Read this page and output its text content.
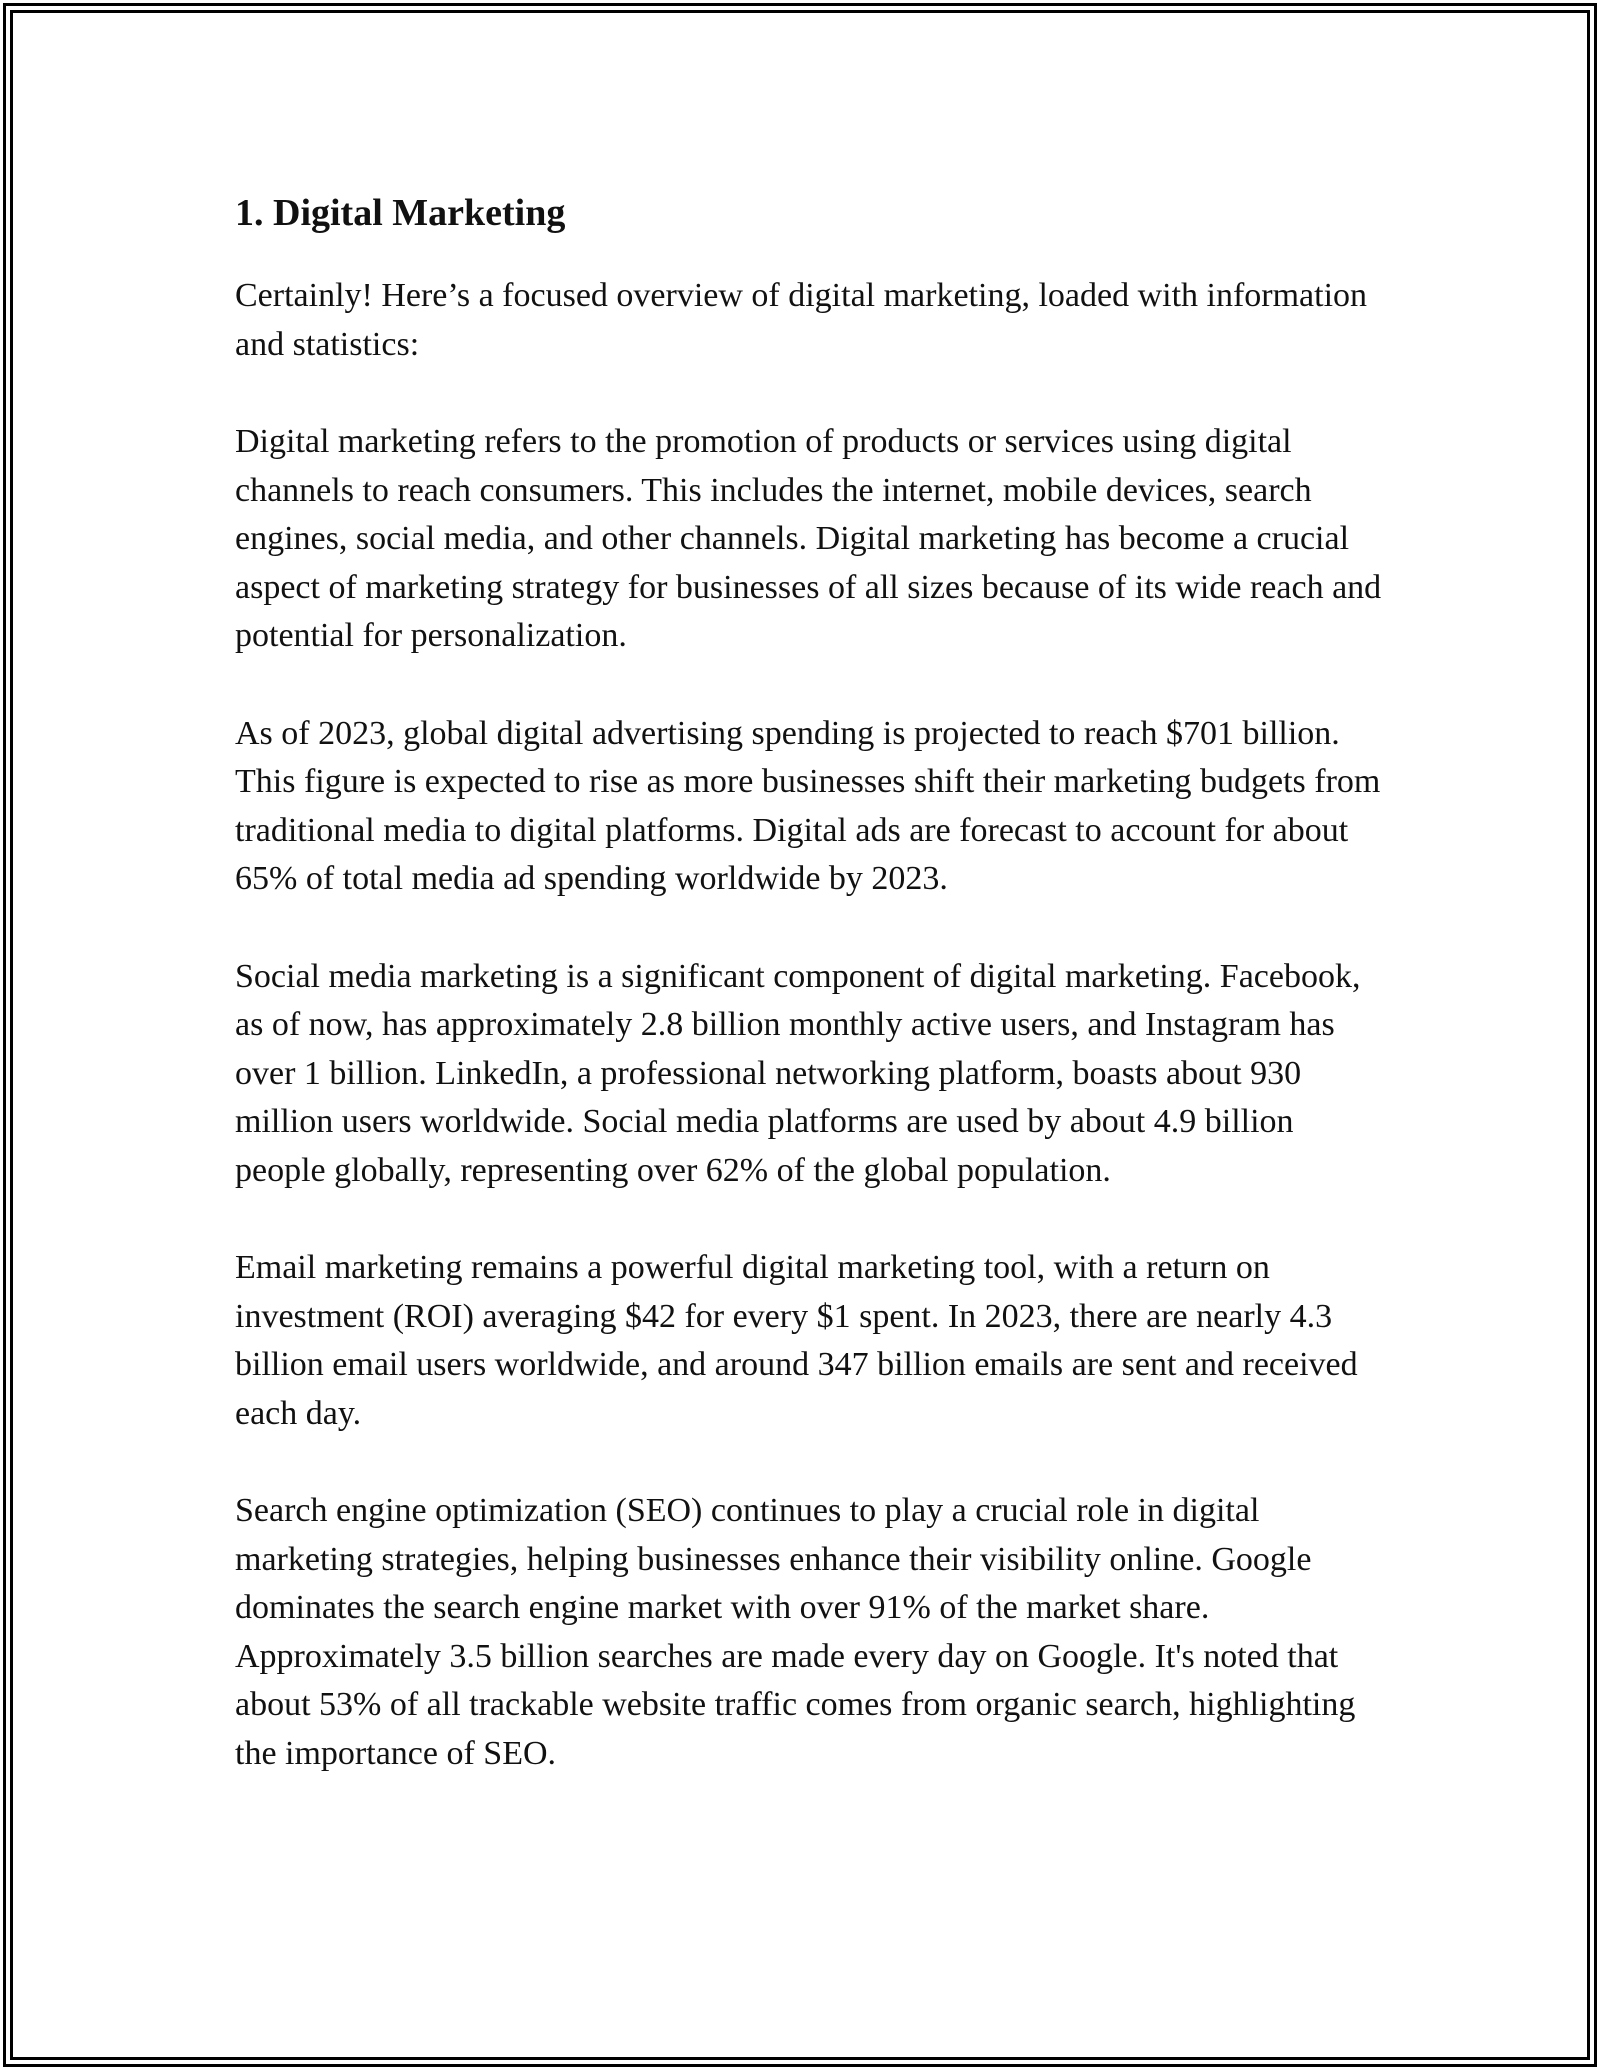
1. Digital Marketing

Certainly! Here’s a focused overview of digital marketing, loaded with information and statistics:

Digital marketing refers to the promotion of products or services using digital channels to reach consumers. This includes the internet, mobile devices, search engines, social media, and other channels. Digital marketing has become a crucial aspect of marketing strategy for businesses of all sizes because of its wide reach and potential for personalization.

As of 2023, global digital advertising spending is projected to reach $701 billion. This figure is expected to rise as more businesses shift their marketing budgets from traditional media to digital platforms. Digital ads are forecast to account for about 65% of total media ad spending worldwide by 2023.

Social media marketing is a significant component of digital marketing. Facebook, as of now, has approximately 2.8 billion monthly active users, and Instagram has over 1 billion. LinkedIn, a professional networking platform, boasts about 930 million users worldwide. Social media platforms are used by about 4.9 billion people globally, representing over 62% of the global population.

Email marketing remains a powerful digital marketing tool, with a return on investment (ROI) averaging $42 for every $1 spent. In 2023, there are nearly 4.3 billion email users worldwide, and around 347 billion emails are sent and received each day.

Search engine optimization (SEO) continues to play a crucial role in digital marketing strategies, helping businesses enhance their visibility online. Google dominates the search engine market with over 91% of the market share. Approximately 3.5 billion searches are made every day on Google. It's noted that about 53% of all trackable website traffic comes from organic search, highlighting the importance of SEO.
